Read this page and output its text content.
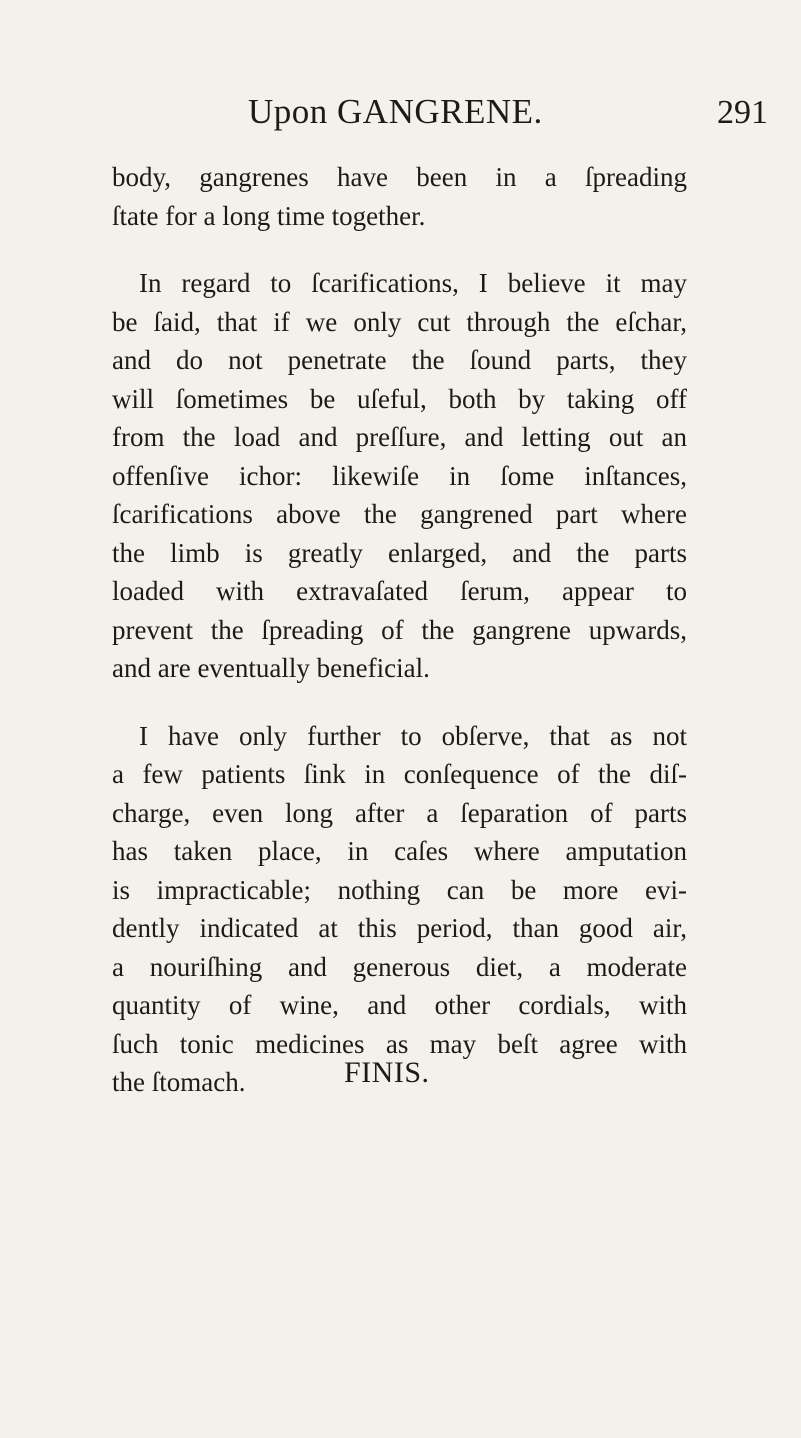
Upon GANGRENE.	291
body, gangrenes have been in a ſpreading
ſtate for a long time together.
In regard to ſcarifications, I believe it may
be ſaid, that if we only cut through the eſchar,
and do not penetrate the ſound parts, they
will ſometimes be uſeful, both by taking off
from the load and preſſure, and letting out an
offenſive ichor: likewiſe in ſome inſtances,
ſcarifications above the gangrened part where
the limb is greatly enlarged, and the parts
loaded with extravaſated ſerum, appear to
prevent the ſpreading of the gangrene upwards,
and are eventually beneficial.
I have only further to obſerve, that as not
a few patients ſink in conſequence of the diſ-
charge, even long after a ſeparation of parts
has taken place, in caſes where amputation
is impracticable; nothing can be more evi-
dently indicated at this period, than good air,
a nouriſhing and generous diet, a moderate
quantity of wine, and other cordials, with
ſuch tonic medicines as may beſt agree with
the ſtomach.	FINIS.
